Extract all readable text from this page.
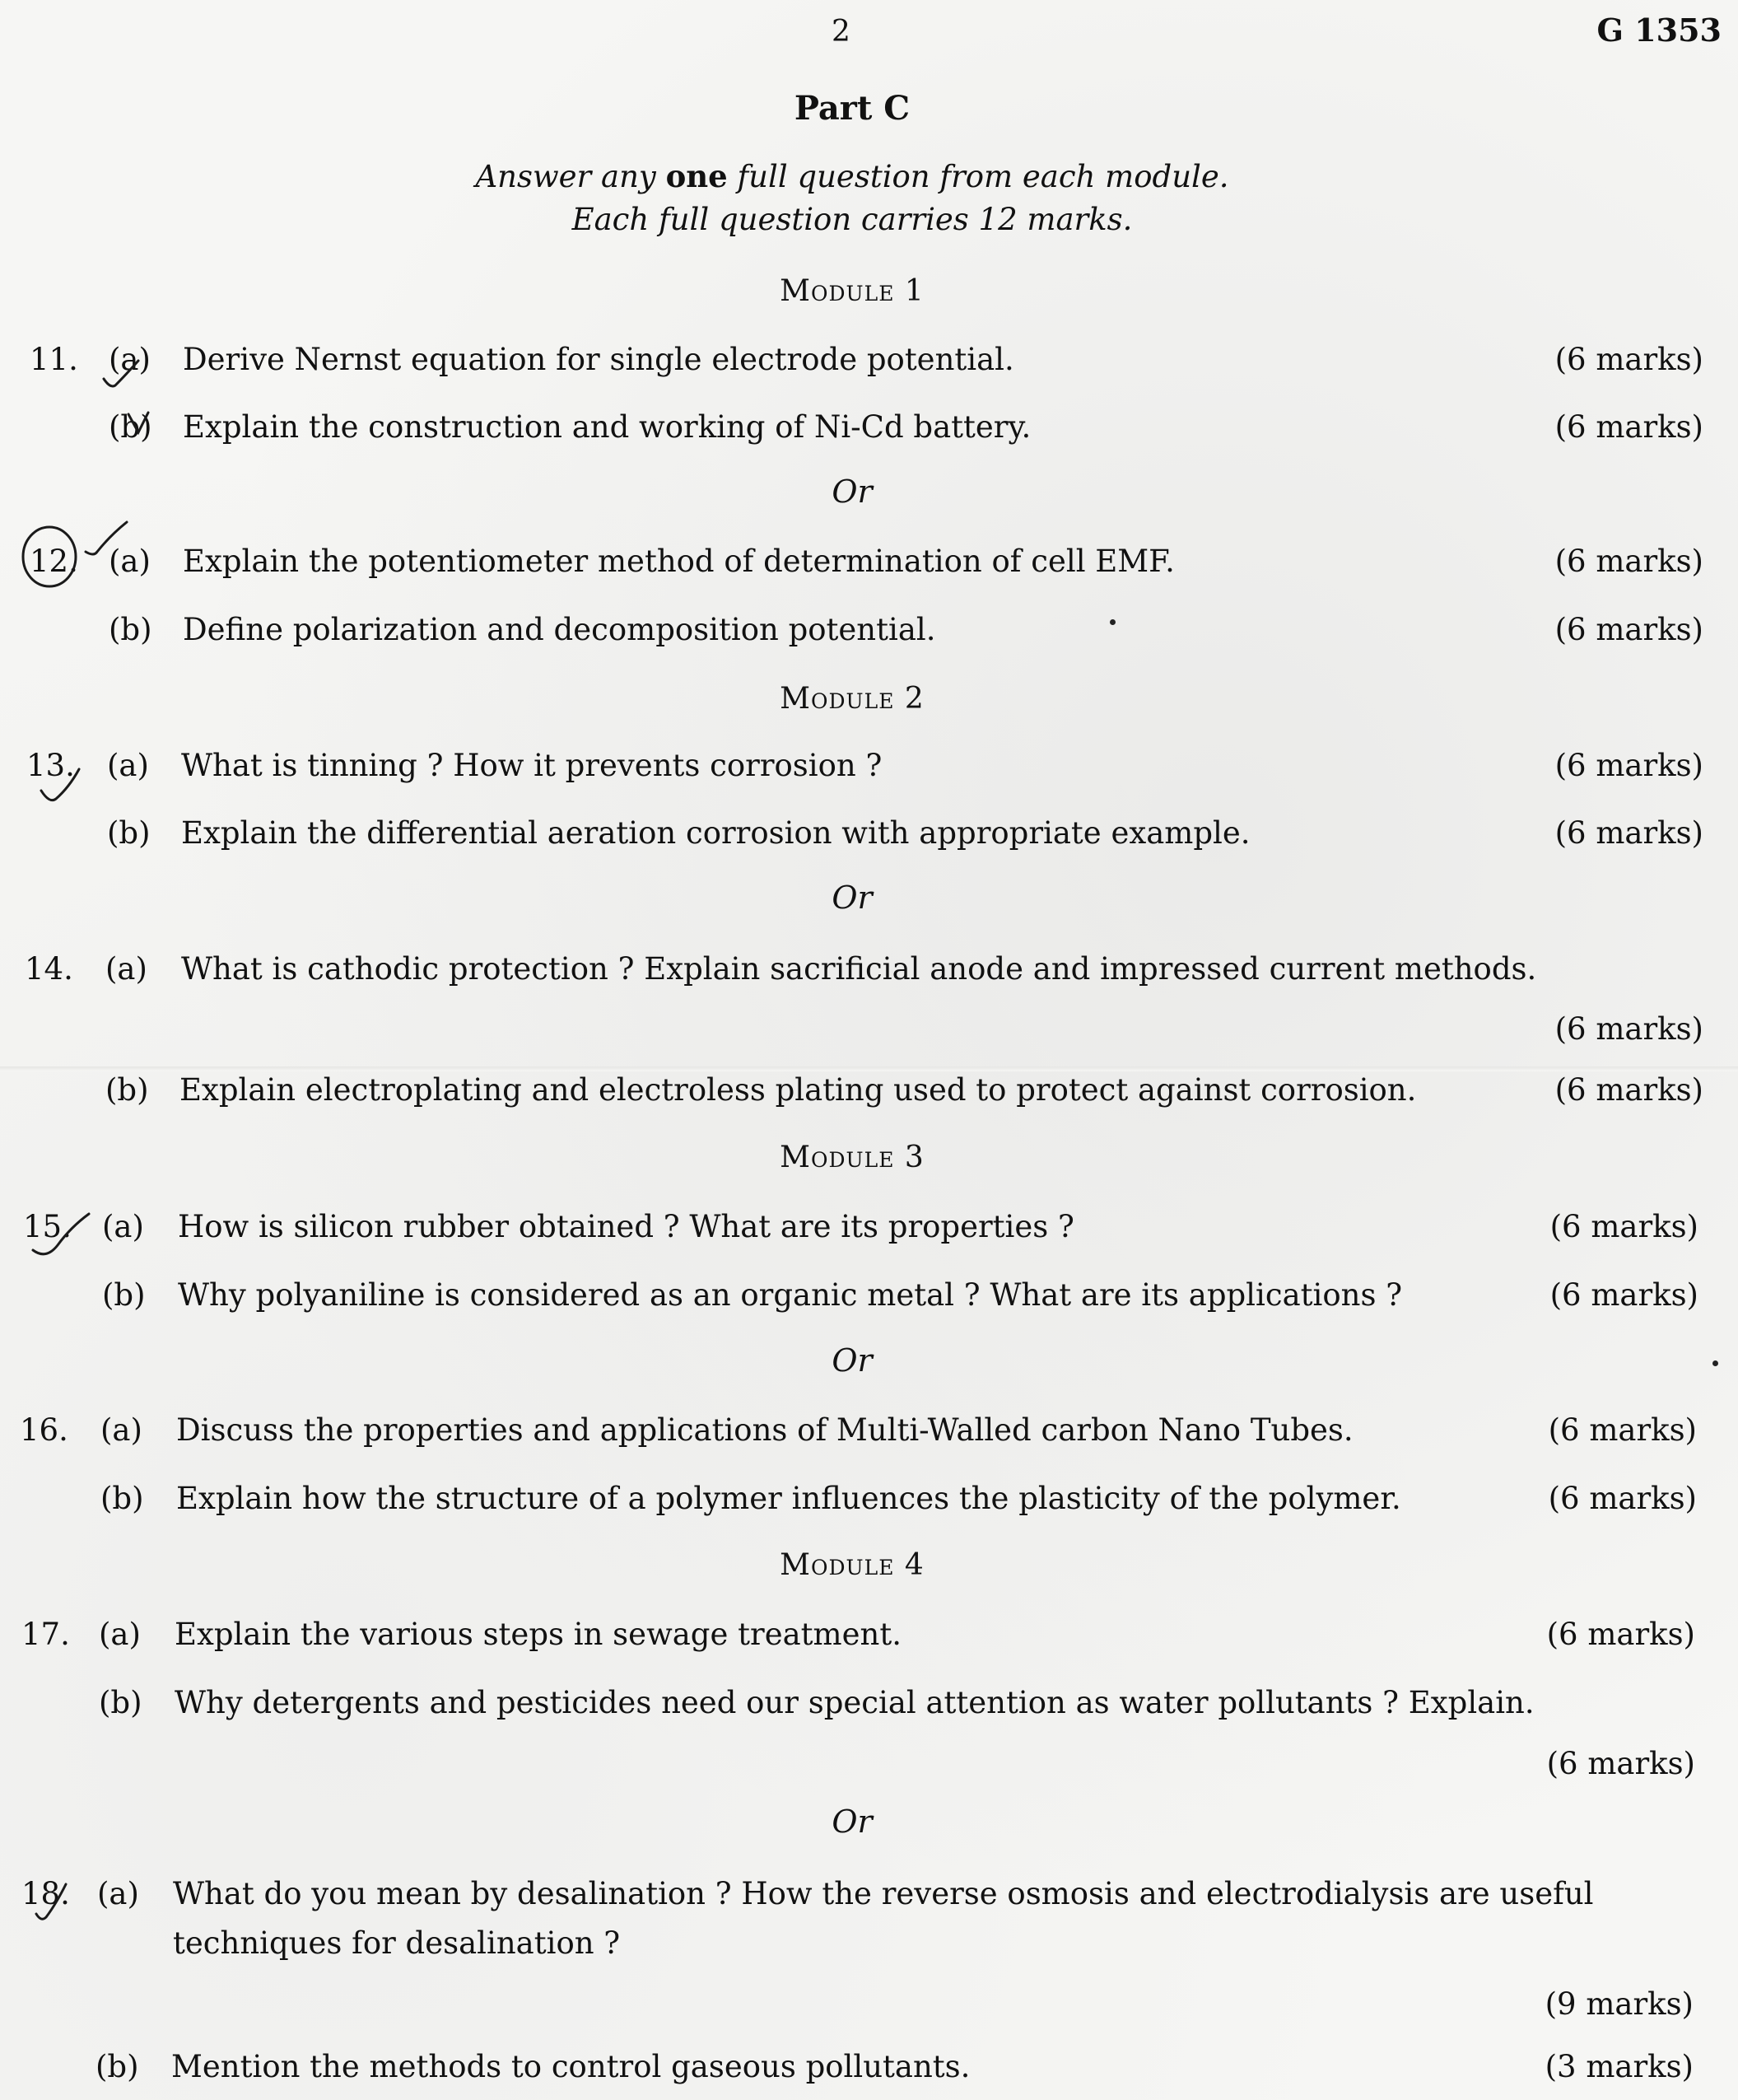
2	G 1353
Part C
Answer any one full question from each module.
Each full question carries 12 marks.
Module 1
11. (a) Derive Nernst equation for single electrode potential.	(6 marks)
(b) Explain the construction and working of Ni-Cd battery.	(6 marks)
Or
12. (a) Explain the potentiometer method of determination of cell EMF.	(6 marks)
(b) Define polarization and decomposition potential.	(6 marks)
Module 2
13. (a) What is tinning ? How it prevents corrosion ?	(6 marks)
(b) Explain the differential aeration corrosion with appropriate example.	(6 marks)
Or
14. (a) What is cathodic protection ? Explain sacrificial anode and impressed current methods.
(6 marks)
(b) Explain electroplating and electroless plating used to protect against corrosion.	(6 marks)
Module 3
15. (a) How is silicon rubber obtained ? What are its properties ?	(6 marks)
(b) Why polyaniline is considered as an organic metal ? What are its applications ?	(6 marks)
Or
16. (a) Discuss the properties and applications of Multi-Walled carbon Nano Tubes.	(6 marks)
(b) Explain how the structure of a polymer influences the plasticity of the polymer.	(6 marks)
Module 4
17. (a) Explain the various steps in sewage treatment.	(6 marks)
(b) Why detergents and pesticides need our special attention as water pollutants ? Explain.
(6 marks)
Or
18. (a) What do you mean by desalination ? How the reverse osmosis and electrodialysis are useful
techniques for desalination ?
(9 marks)
(b) Mention the methods to control gaseous pollutants.	(3 marks)
